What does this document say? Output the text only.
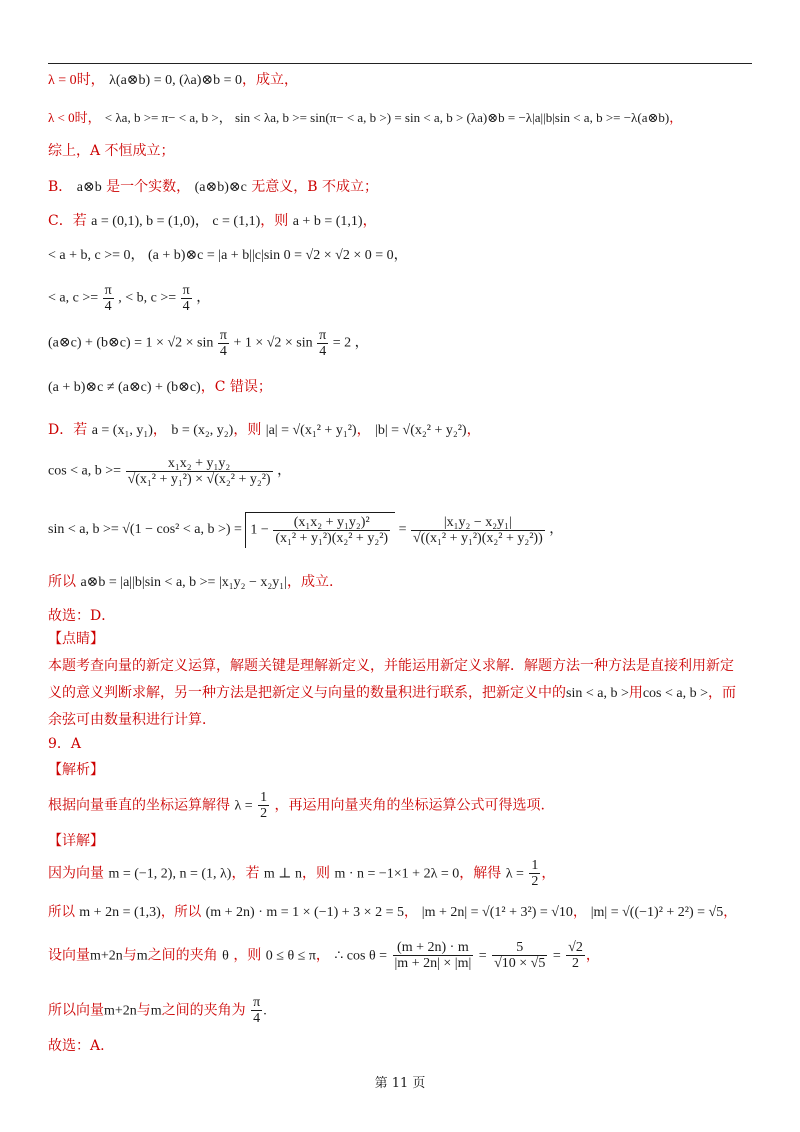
λ = 0时， λ(a⊗b) = 0, (λa)⊗b = 0，成立，
λ < 0时， < λa, b >= π− < a, b >， sin < λa, b >= sin(π− < a, b >) = sin < a, b > (λa)⊗b = −λ|a||b|sin < a, b >= −λ(a⊗b)，
综上，A 不恒成立；
B． a⊗b 是一个实数， (a⊗b)⊗c 无意义，B 不成立；
C．若 a = (0,1), b = (1,0)， c = (1,1)，则 a + b = (1,1)，
< a + b, c >= 0， (a + b)⊗c = |a + b||c|sin 0 = √2 × √2 × 0 = 0，
< a, $c >= \frac{\pi}{4}$ , < b, $c >= \frac{\pi}{4}$ ，
(a⊗c) + (b⊗c) = $1 \times √2 \times \sin \frac{\pi}{4} + 1 \times √2 \times \sin \frac{\pi}{4} = 2$ ，
(a + b)⊗c ≠ (a⊗c) + (b⊗c)，C 错误；
D．若 a = (x₁, y₁)， b = (x₂, y₂)，则 |a| = √(x₁² + y₁²)， |b| = √(x₂² + y₂²)，
cos < a, $b >= \frac{\text{x₁x₂ + y₁y₂}}{\text{√(x₁² + y₁²) × √(x₂² + y₂²)}}$ ，
sin < a, b >= √(1 − cos² < a, b >) = $1 - \frac{\text{(x₁x₂ + y₁y₂)²}}{\text{(x₁² + y₁²)(x₂² + y₂²)}} = \frac{\text{|x₁y₂ − x₂y₁|}}{\text{√((x₁² + y₁²)(x₂² + y₂²))}}$ ，
所以 a⊗b = |a||b|sin < a, b >= |x₁y₂ − x₂y₁|，成立.
故选：D．
【点睛】
本题考查向量的新定义运算，解题关键是理解新定义，并能运用新定义求解．解题方法一种方法是直接利用新定
义的意义判断求解，另一种方法是把新定义与向量的数量积进行联系，把新定义中的sin < a, b >用cos < a, b >，而
余弦可由数量积进行计算．
9．A
【解析】
根据向量垂直的坐标运算解得 $\lambda = \frac{1}{2}$ ，再运用向量夹角的坐标运算公式可得选项.
【详解】
因为向量 m = (−1, 2), n = (1, λ)，若 m ⊥ n，则 m · n = −1×1 + 2λ = 0，解得 $\lambda = \frac{1}{2}$ ，
所以 m + 2n = (1,3)，所以 (m + 2n) · m = 1 × (−1) + 3 × 2 = 5， |m + 2n| = √(1² + 3²) = √10， |m| = √((−1)² + 2²) = √5，
设向量m+2n与m之间的夹角 θ ，则 0 ≤ θ ≤ π， ∴ $\cos \theta = \frac{(m + 2n) \cdot m}{|m + 2n| \times |m|} = \frac{5}{√10 \times √5} = \frac{√2}{2}$ ，
所以向量m+2n与m之间的夹角为 $\frac{\pi}{4}$ .
故选：A.
第 11 页
